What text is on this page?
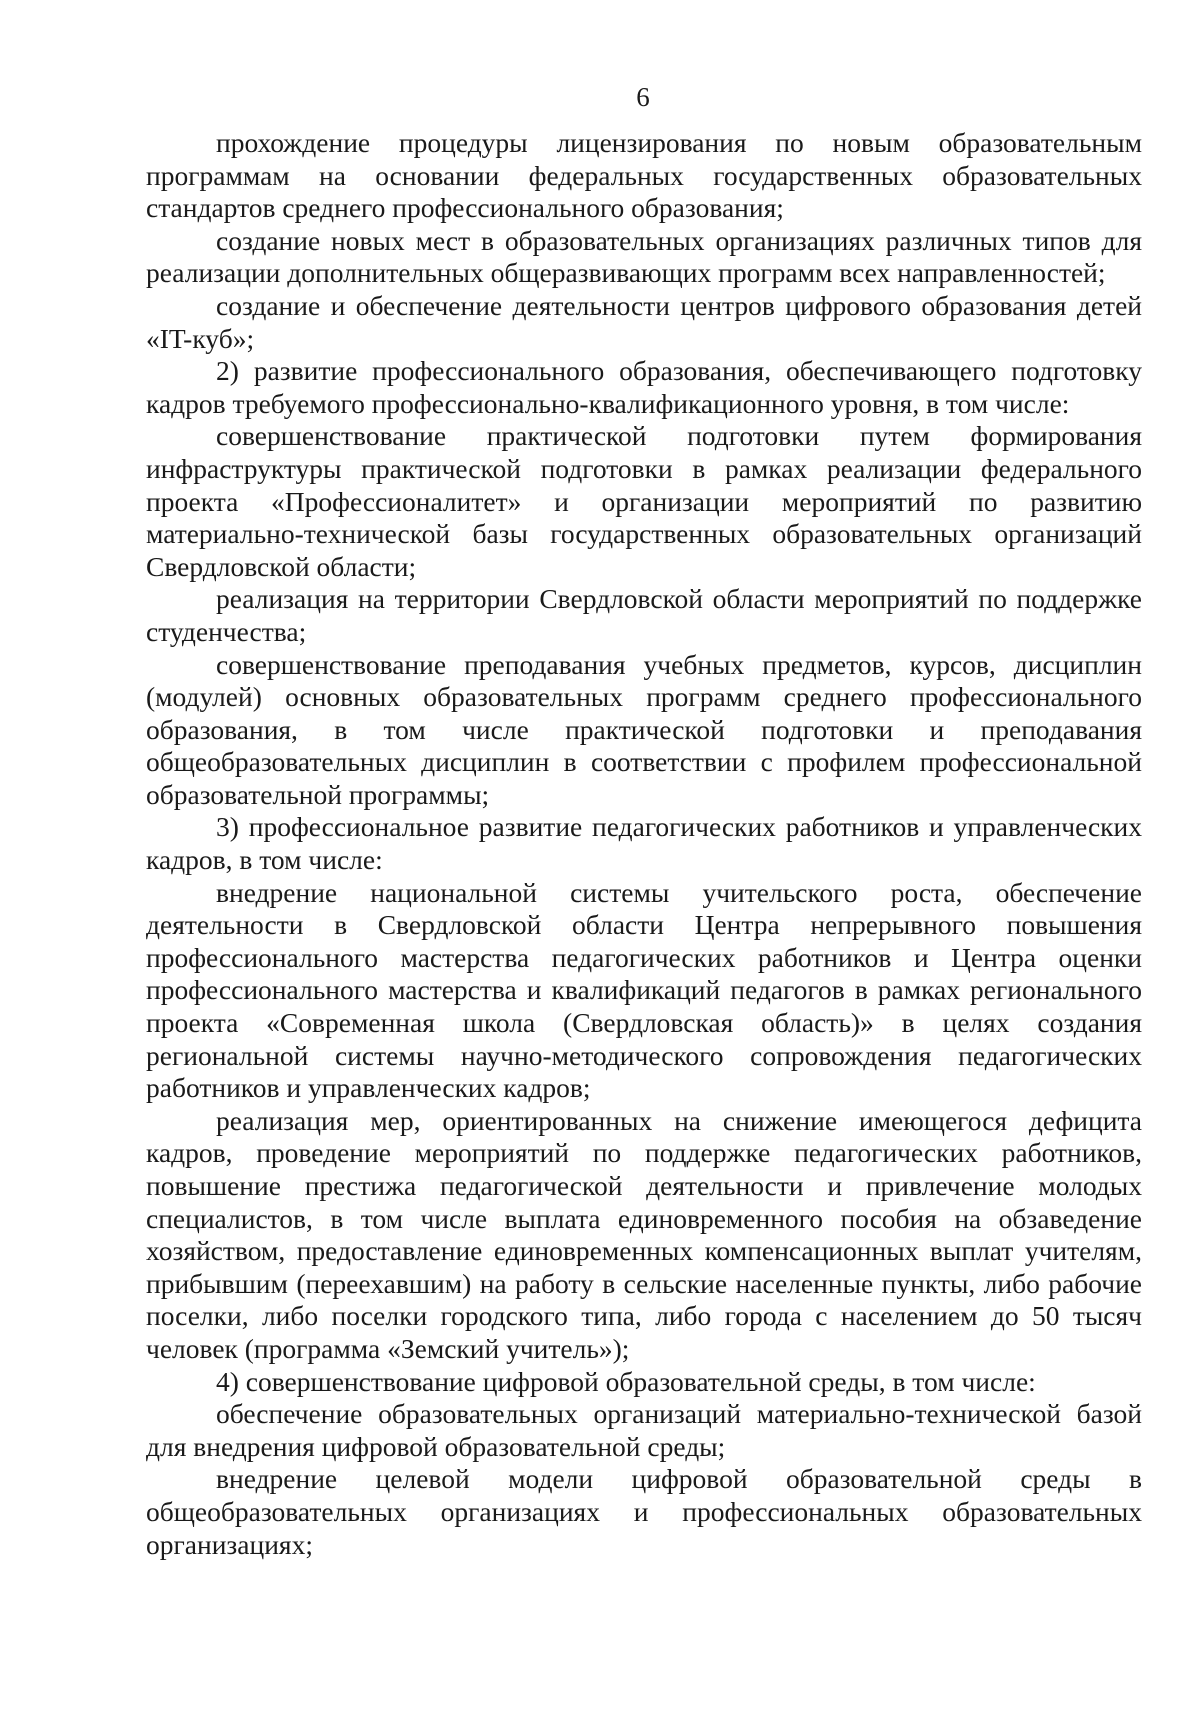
6

прохождение процедуры лицензирования по новым образовательным программам на основании федеральных государственных образовательных стандартов среднего профессионального образования;

создание новых мест в образовательных организациях различных типов для реализации дополнительных общеразвивающих программ всех направленностей;

создание и обеспечение деятельности центров цифрового образования детей «IT-куб»;

2) развитие профессионального образования, обеспечивающего подготовку кадров требуемого профессионально-квалификационного уровня, в том числе:

совершенствование практической подготовки путем формирования инфраструктуры практической подготовки в рамках реализации федерального проекта «Профессионалитет» и организации мероприятий по развитию материально-технической базы государственных образовательных организаций Свердловской области;

реализация на территории Свердловской области мероприятий по поддержке студенчества;

совершенствование преподавания учебных предметов, курсов, дисциплин (модулей) основных образовательных программ среднего профессионального образования, в том числе практической подготовки и преподавания общеобразовательных дисциплин в соответствии с профилем профессиональной образовательной программы;

3) профессиональное развитие педагогических работников и управленческих кадров, в том числе:

внедрение национальной системы учительского роста, обеспечение деятельности в Свердловской области Центра непрерывного повышения профессионального мастерства педагогических работников и Центра оценки профессионального мастерства и квалификаций педагогов в рамках регионального проекта «Современная школа (Свердловская область)» в целях создания региональной системы научно-методического сопровождения педагогических работников и управленческих кадров;

реализация мер, ориентированных на снижение имеющегося дефицита кадров, проведение мероприятий по поддержке педагогических работников, повышение престижа педагогической деятельности и привлечение молодых специалистов, в том числе выплата единовременного пособия на обзаведение хозяйством, предоставление единовременных компенсационных выплат учителям, прибывшим (переехавшим) на работу в сельские населенные пункты, либо рабочие поселки, либо поселки городского типа, либо города с населением до 50 тысяч человек (программа «Земский учитель»);

4) совершенствование цифровой образовательной среды, в том числе:

обеспечение образовательных организаций материально-технической базой для внедрения цифровой образовательной среды;

внедрение целевой модели цифровой образовательной среды в общеобразовательных организациях и профессиональных образовательных организациях;
